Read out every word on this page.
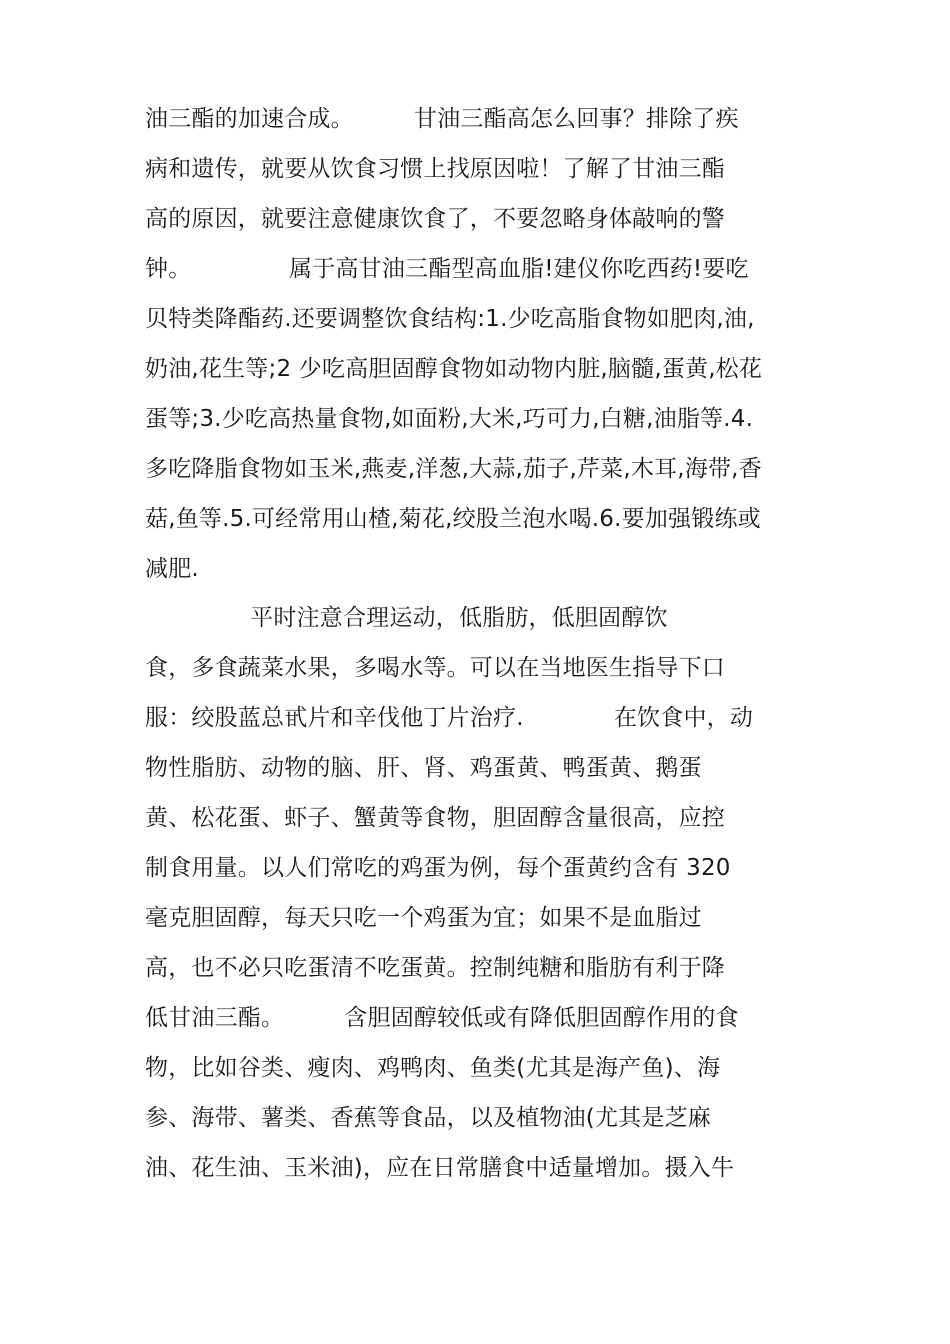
油三酯的加速合成。        甘油三酯高怎么回事？排除了疾
病和遗传，就要从饮食习惯上找原因啦！了解了甘油三酯
高的原因，就要注意健康饮食了，不要忽略身体敲响的警
钟。             属于高甘油三酯型高血脂!建仪你吃西药!要吃
贝特类降酯药.还要调整饮食结构:1.少吃高脂食物如肥肉,油,
奶油,花生等;2 少吃高胆固醇食物如动物内脏,脑髓,蛋黄,松花
蛋等;3.少吃高热量食物,如面粉,大米,巧可力,白糖,油脂等.4.
多吃降脂食物如玉米,燕麦,洋葱,大蒜,茄子,芹菜,木耳,海带,香
菇,鱼等.5.可经常用山楂,菊花,绞股兰泡水喝.6.要加强锻练或
减肥.
平时注意合理运动，低脂肪，低胆固醇饮
食，多食蔬菜水果，多喝水等。可以在当地医生指导下口
服：绞股蓝总甙片和辛伐他丁片治疗.            在饮食中，动
物性脂肪、动物的脑、肝、肾、鸡蛋黄、鸭蛋黄、鹅蛋
黄、松花蛋、虾子、蟹黄等食物，胆固醇含量很高，应控
制食用量。以人们常吃的鸡蛋为例，每个蛋黄约含有 320
毫克胆固醇，每天只吃一个鸡蛋为宜；如果不是血脂过
高，也不必只吃蛋清不吃蛋黄。控制纯糖和脂肪有利于降
低甘油三酯。        含胆固醇较低或有降低胆固醇作用的食
物，比如谷类、瘦肉、鸡鸭肉、鱼类(尤其是海产鱼)、海
参、海带、薯类、香蕉等食品，以及植物油(尤其是芝麻
油、花生油、玉米油)，应在日常膳食中适量增加。摄入牛
